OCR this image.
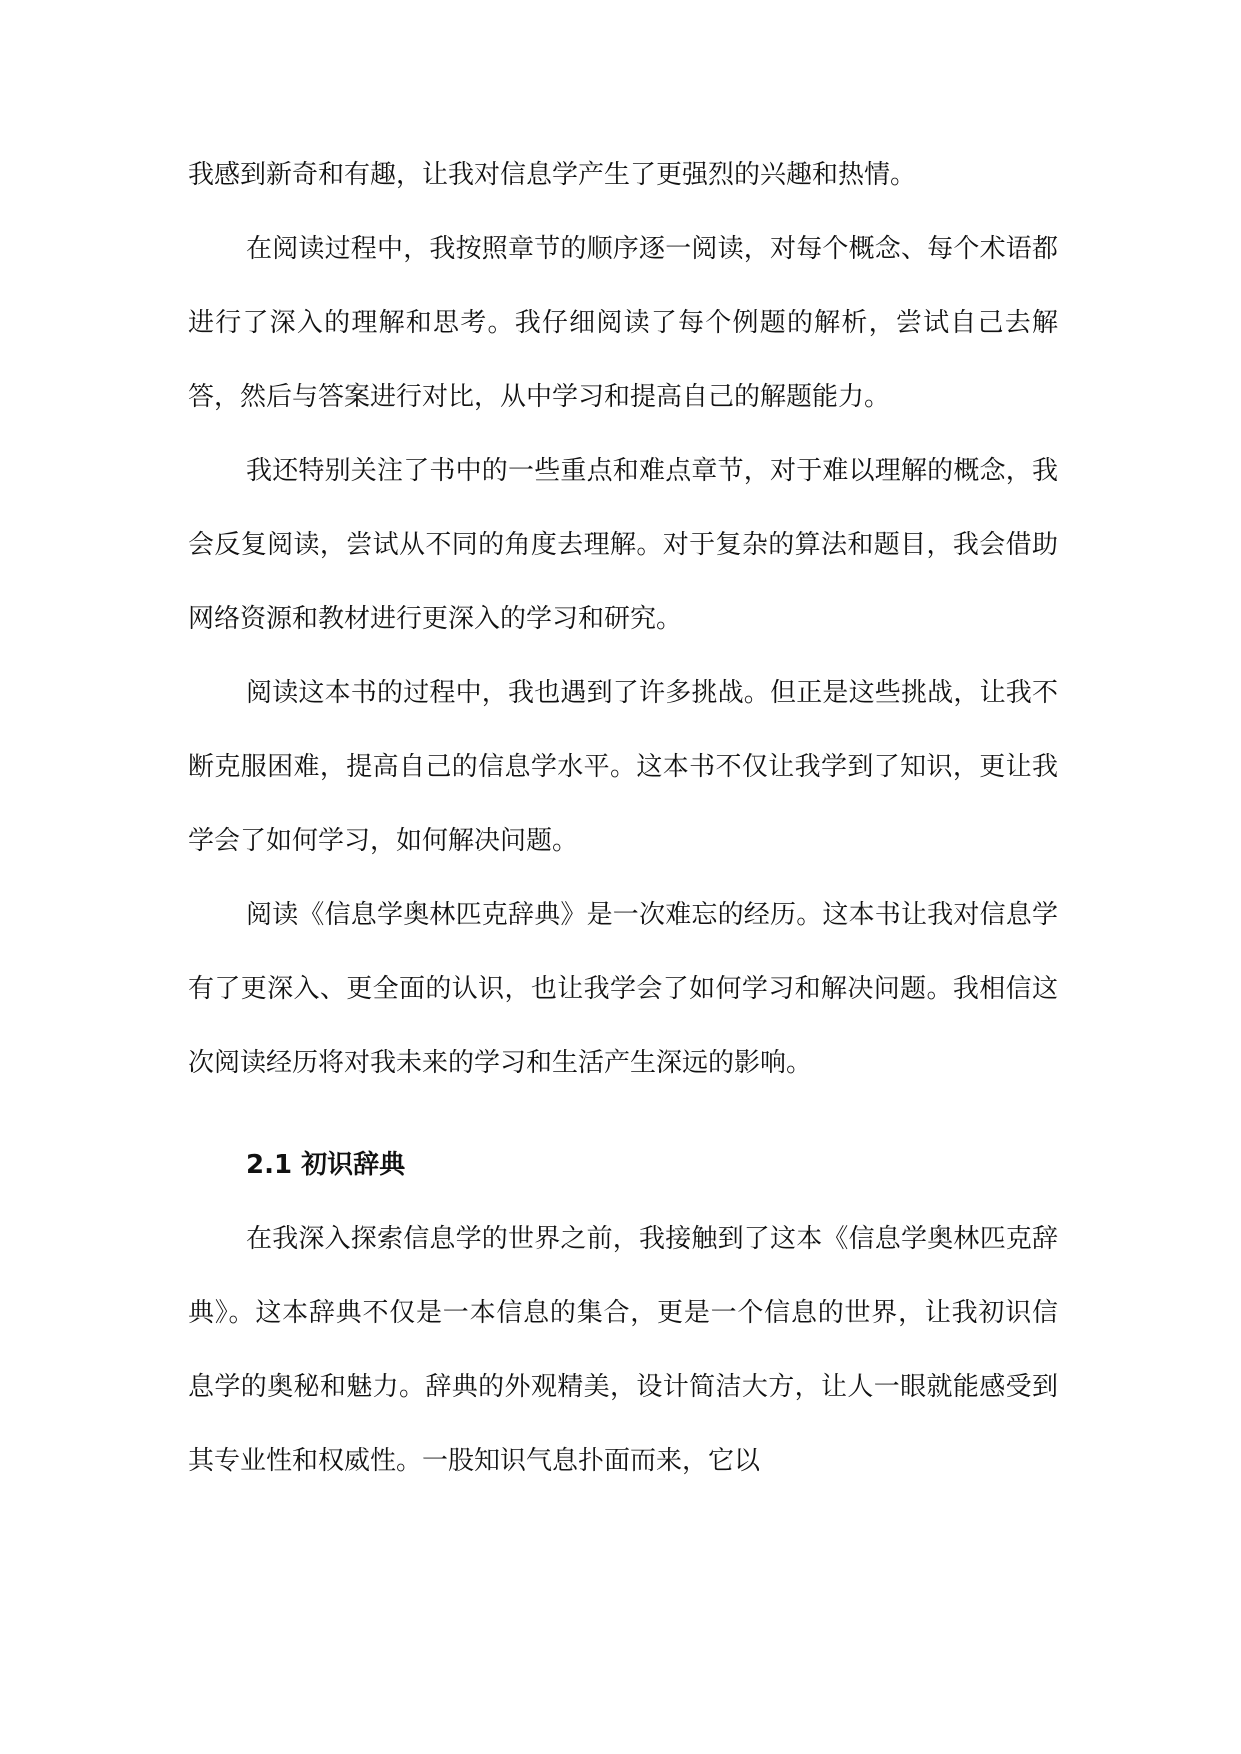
我感到新奇和有趣，让我对信息学产生了更强烈的兴趣和热情。

在阅读过程中，我按照章节的顺序逐一阅读，对每个概念、每个术语都进行了深入的理解和思考。我仔细阅读了每个例题的解析，尝试自己去解答，然后与答案进行对比，从中学习和提高自己的解题能力。

我还特别关注了书中的一些重点和难点章节，对于难以理解的概念，我会反复阅读，尝试从不同的角度去理解。对于复杂的算法和题目，我会借助网络资源和教材进行更深入的学习和研究。

阅读这本书的过程中，我也遇到了许多挑战。但正是这些挑战，让我不断克服困难，提高自己的信息学水平。这本书不仅让我学到了知识，更让我学会了如何学习，如何解决问题。

阅读《信息学奥林匹克辞典》是一次难忘的经历。这本书让我对信息学有了更深入、更全面的认识，也让我学会了如何学习和解决问题。我相信这次阅读经历将对我未来的学习和生活产生深远的影响。

2.1 初识辞典

在我深入探索信息学的世界之前，我接触到了这本《信息学奥林匹克辞典》。这本辞典不仅是一本信息的集合，更是一个信息的世界，让我初识信息学的奥秘和魅力。辞典的外观精美，设计简洁大方，让人一眼就能感受到其专业性和权威性。一股知识气息扑面而来，它以
